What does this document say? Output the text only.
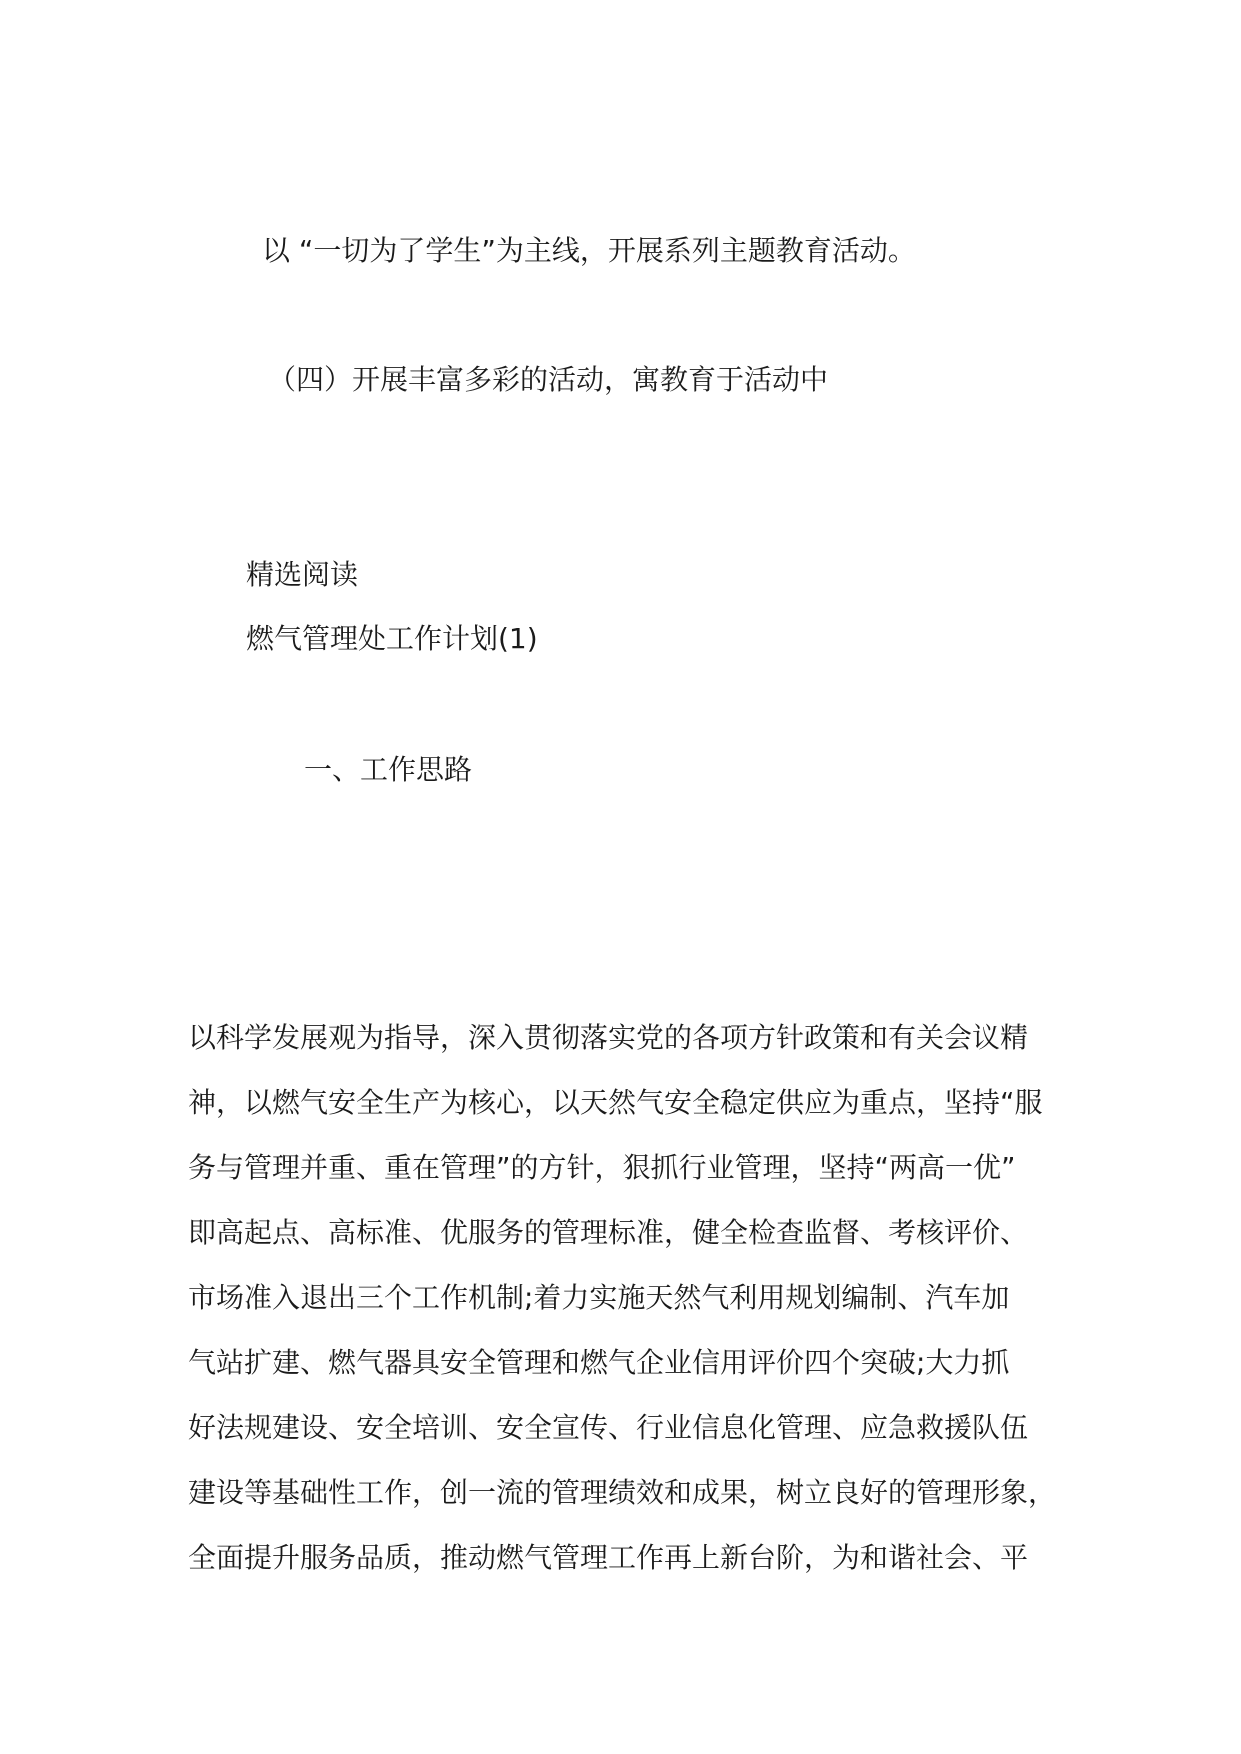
以 “一切为了学生”为主线，开展系列主题教育活动。
（四）开展丰富多彩的活动，寓教育于活动中
精选阅读
燃气管理处工作计划(1)
一、工作思路
以科学发展观为指导，深入贯彻落实党的各项方针政策和有关会议精
神，以燃气安全生产为核心，以天然气安全稳定供应为重点，坚持“服
务与管理并重、重在管理”的方针，狠抓行业管理，坚持“两高一优”
即高起点、高标准、优服务的管理标准，健全检查监督、考核评价、
市场准入退出三个工作机制;着力实施天然气利用规划编制、汽车加
气站扩建、燃气器具安全管理和燃气企业信用评价四个突破;大力抓
好法规建设、安全培训、安全宣传、行业信息化管理、应急救援队伍
建设等基础性工作，创一流的管理绩效和成果，树立良好的管理形象，
全面提升服务品质，推动燃气管理工作再上新台阶，为和谐社会、平
